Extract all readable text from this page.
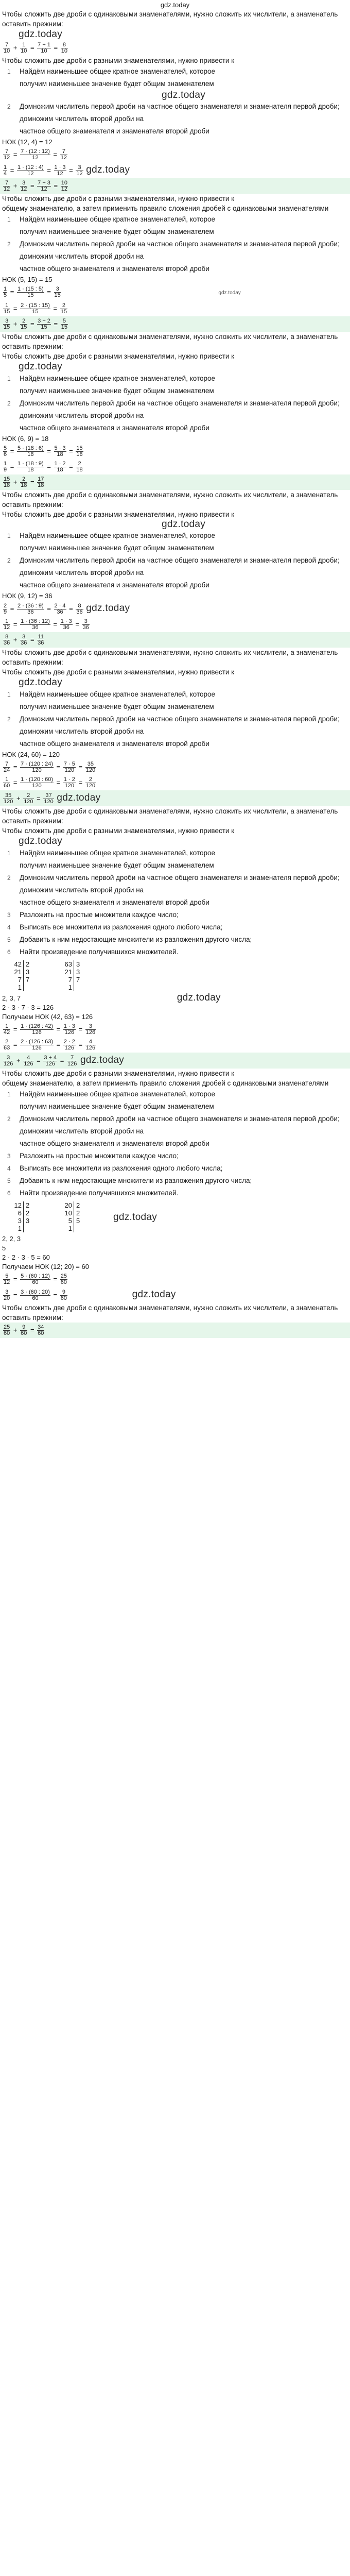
gdz.today

Чтобы сложить две дроби с одинаковыми знаменателями, нужно сложить их числители, а знаменатель оставить прежним:

gdz.today

$\frac{7}{10} + \frac{1}{10} = \frac{7 + 1}{10} = \frac{8}{10}$

Чтобы сложить две дроби с разными знаменателями, нужно привести к

1	Найдём наименьшее общее кратное знаменателей, которое
получим наименьшее значение будет общим знаменателем
gdz.today
2	Домножим числитель первой дроби на частное общего знаменателя и знаменателя первой дроби; домножим числитель второй дроби на
частное общего знаменателя и знаменателя второй дроби

НОК (12, 4) = 12

$\frac{7}{12} = \frac{7 \cdot (12 : 12)}{12} = \frac{7}{12}$

$\frac{1}{4} = \frac{1 \cdot (12 : 4)}{12} = \frac{1 \cdot 3}{12} = \frac{3}{12}$ gdz.today

$\frac{7}{12} + \frac{3}{12} = \frac{7 + 3}{12} = \frac{10}{12}$

Чтобы сложить две дроби с разными знаменателями, нужно привести к

общему знаменателю, а затем применить правило сложения дробей с одинаковыми знаменателями

1	Найдём наименьшее общее кратное знаменателей, которое
получим наименьшее значение будет общим знаменателем
2	Домножим числитель первой дроби на частное общего знаменателя и знаменателя первой дроби; домножим числитель второй дроби на
частное общего знаменателя и знаменателя второй дроби

НОК (5, 15) = 15

$\frac{1}{5} = \frac{1 \cdot (15 : 5)}{15} = \frac{3}{15}$	gdz.today

$\frac{1}{15} = \frac{2 \cdot (15 : 15)}{15} = \frac{2}{15}$

$\frac{3}{15} + \frac{2}{15} = \frac{3 + 2}{15} = \frac{5}{15}$

Чтобы сложить две дроби с одинаковыми знаменателями, нужно сложить их числители, а знаменатель оставить прежним:

Чтобы сложить две дроби с разными знаменателями, нужно привести к

gdz.today
1	Найдём наименьшее общее кратное знаменателей, которое
получим наименьшее значение будет общим знаменателем
2	Домножим числитель первой дроби на частное общего знаменателя и знаменателя первой дроби; домножим числитель второй дроби на
частное общего знаменателя и знаменателя второй дроби

НОК (6, 9) = 18

$\frac{5}{6} = \frac{5 \cdot (18 : 6)}{18} = \frac{5 \cdot 3}{18} = \frac{15}{18}$

$\frac{1}{9} = \frac{1 \cdot (18 : 9)}{18} = \frac{1 \cdot 2}{18} = \frac{2}{18}$

$\frac{15}{18} + \frac{2}{18} = \frac{17}{18}$

Чтобы сложить две дроби с одинаковыми знаменателями, нужно сложить их числители, а знаменатель оставить прежним:

Чтобы сложить две дроби с разными знаменателями, нужно привести к

gdz.today
1	Найдём наименьшее общее кратное знаменателей, которое
получим наименьшее значение будет общим знаменателем
2	Домножим числитель первой дроби на частное общего знаменателя и знаменателя первой дроби; домножим числитель второй дроби на
частное общего знаменателя и знаменателя второй дроби

НОК (9, 12) = 36

$\frac{2}{9} = \frac{2 \cdot (36 : 9)}{36} = \frac{2 \cdot 4}{36} = \frac{8}{36}$ gdz.today

$\frac{1}{12} = \frac{1 \cdot (36 : 12)}{36} = \frac{1 \cdot 3}{36} = \frac{3}{36}$

$\frac{8}{36} + \frac{3}{36} = \frac{11}{36}$

Чтобы сложить две дроби с одинаковыми знаменателями, нужно сложить их числители, а знаменатель оставить прежним:

Чтобы сложить две дроби с разными знаменателями, нужно привести к

gdz.today
1	Найдём наименьшее общее кратное знаменателей, которое
получим наименьшее значение будет общим знаменателем
2	Домножим числитель первой дроби на частное общего знаменателя и знаменателя первой дроби; домножим числитель второй дроби на
частное общего знаменателя и знаменателя второй дроби

НОК (24, 60) = 120

$\frac{7}{24} = \frac{7 \cdot (120 : 24)}{120} = \frac{7 \cdot 5}{120} = \frac{35}{120}$

$\frac{1}{60} = \frac{1 \cdot (120 : 60)}{120} = \frac{1 \cdot 2}{120} = \frac{2}{120}$

$\frac{35}{120} + \frac{2}{120} = \frac{37}{120}$ gdz.today

Чтобы сложить две дроби с одинаковыми знаменателями, нужно сложить их числители, а знаменатель оставить прежним:

Чтобы сложить две дроби с разными знаменателями, нужно привести к

gdz.today
1	Найдём наименьшее общее кратное знаменателей, которое
получим наименьшее значение будет общим знаменателем
2	Домножим числитель первой дроби на частное общего знаменателя и знаменателя первой дроби; домножим числитель второй дроби на
частное общего знаменателя и знаменателя второй дроби
3	Разложить на простые множители каждое число;
4	Выписать все множители из разложения одного любого числа;
5	Добавить к ним недостающие множители из разложения другого числа;
6	Найти произведение получившихся множителей.
42 2
21 3
7 7
1
63 3
21 3
7 7
1

2, 3, 7	gdz.today

2 · 3 · 7 · 3 = 126

Получаем НОК (42, 63) = 126

$\frac{1}{42} = \frac{1 \cdot (126 : 42)}{126} = \frac{1 \cdot 3}{126} = \frac{3}{126}$

$\frac{2}{63} = \frac{2 \cdot (126 : 63)}{126} = \frac{2 \cdot 2}{126} = \frac{4}{126}$

$\frac{3}{126} + \frac{4}{126} = \frac{3 + 4}{126} = \frac{7}{126}$ gdz.today

Чтобы сложить две дроби с разными знаменателями, нужно привести к

общему знаменателю, а затем применить правило сложения дробей с одинаковыми знаменателями

1	Найдём наименьшее общее кратное знаменателей, которое
получим наименьшее значение будет общим знаменателем
2	Домножим числитель первой дроби на частное общего знаменателя и знаменателя первой дроби; домножим числитель второй дроби на
частное общего знаменателя и знаменателя второй дроби
3	Разложить на простые множители каждое число;
4	Выписать все множители из разложения одного любого числа;
5	Добавить к ним недостающие множители из разложения другого числа;
6	Найти произведение получившихся множителей.
12 2
6 2
3 3
1
20 2
10 2
5 5
1
gdz.today

2, 2, 3

5

2 · 2 · 3 · 5 = 60

Получаем НОК (12; 20) = 60

$\frac{5}{12} = \frac{5 \cdot (60 : 12)}{60} = \frac{25}{60}$

$\frac{3}{20} = \frac{3 \cdot (60 : 20)}{60} = \frac{9}{60}$	gdz.today

Чтобы сложить две дроби с одинаковыми знаменателями, нужно сложить их числители, а знаменатель оставить прежним:

$\frac{25}{60} + \frac{9}{60} = \frac{34}{60}$
